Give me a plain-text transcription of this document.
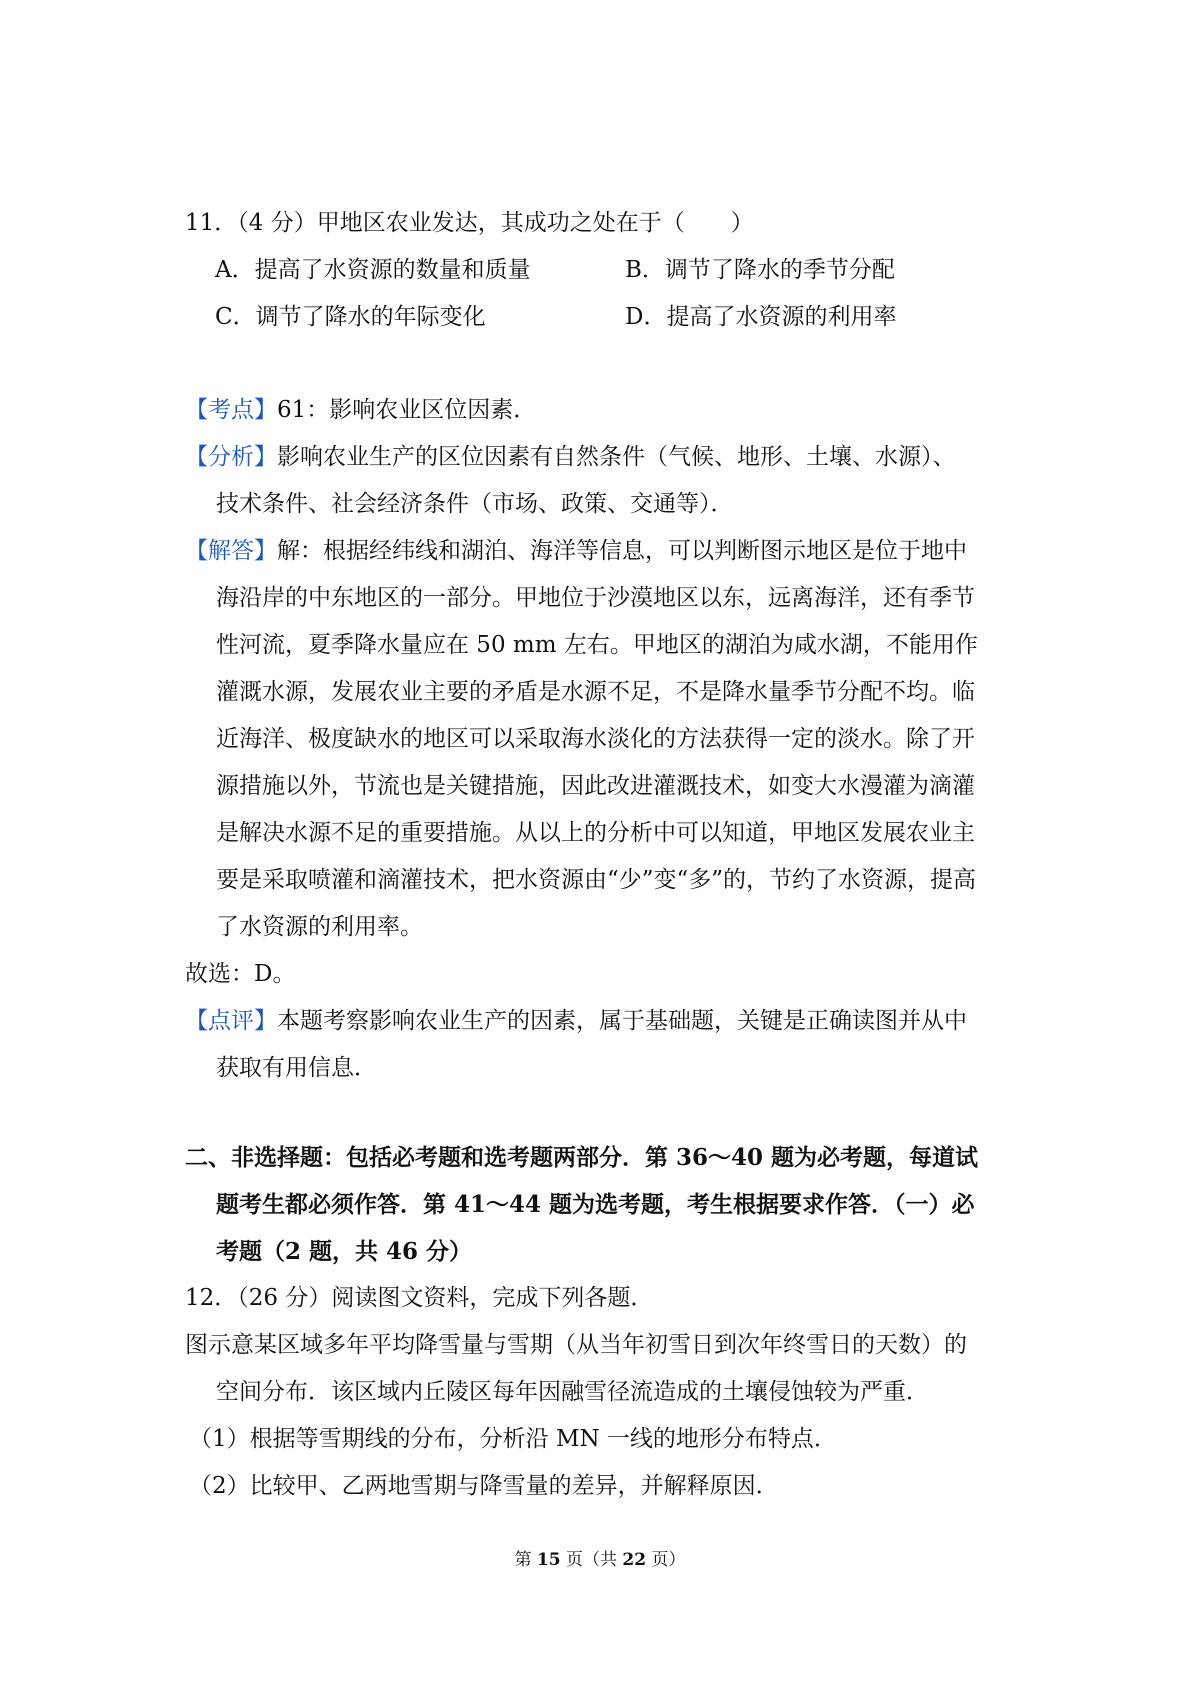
11．（4 分）甲地区农业发达，其成功之处在于（　　）

A．提高了水资源的数量和质量	B．调节了降水的季节分配
C．调节了降水的年际变化	D．提高了水资源的利用率

【考点】61：影响农业区位因素．

【分析】影响农业生产的区位因素有自然条件（气候、地形、土壤、水源）、

技术条件、社会经济条件（市场、政策、交通等）．

【解答】解：根据经纬线和湖泊、海洋等信息，可以判断图示地区是位于地中

海沿岸的中东地区的一部分。甲地位于沙漠地区以东，远离海洋，还有季节

性河流，夏季降水量应在 50 mm 左右。甲地区的湖泊为咸水湖，不能用作

灌溉水源，发展农业主要的矛盾是水源不足，不是降水量季节分配不均。临

近海洋、极度缺水的地区可以采取海水淡化的方法获得一定的淡水。除了开

源措施以外，节流也是关键措施，因此改进灌溉技术，如变大水漫灌为滴灌

是解决水源不足的重要措施。从以上的分析中可以知道，甲地区发展农业主

要是采取喷灌和滴灌技术，把水资源由“少”变“多”的，节约了水资源，提高

了水资源的利用率。

故选：D。

【点评】本题考察影响农业生产的因素，属于基础题，关键是正确读图并从中

获取有用信息．

二、非选择题：包括必考题和选考题两部分．第 36～40 题为必考题，每道试

题考生都必须作答．第 41～44 题为选考题，考生根据要求作答．（一）必

考题（2 题，共 46 分）

12．（26 分）阅读图文资料，完成下列各题．

图示意某区域多年平均降雪量与雪期（从当年初雪日到次年终雪日的天数）的

空间分布．该区域内丘陵区每年因融雪径流造成的土壤侵蚀较为严重．

（1）根据等雪期线的分布，分析沿 MN 一线的地形分布特点．

（2）比较甲、乙两地雪期与降雪量的差异，并解释原因．

第 15 页（共 22 页）
